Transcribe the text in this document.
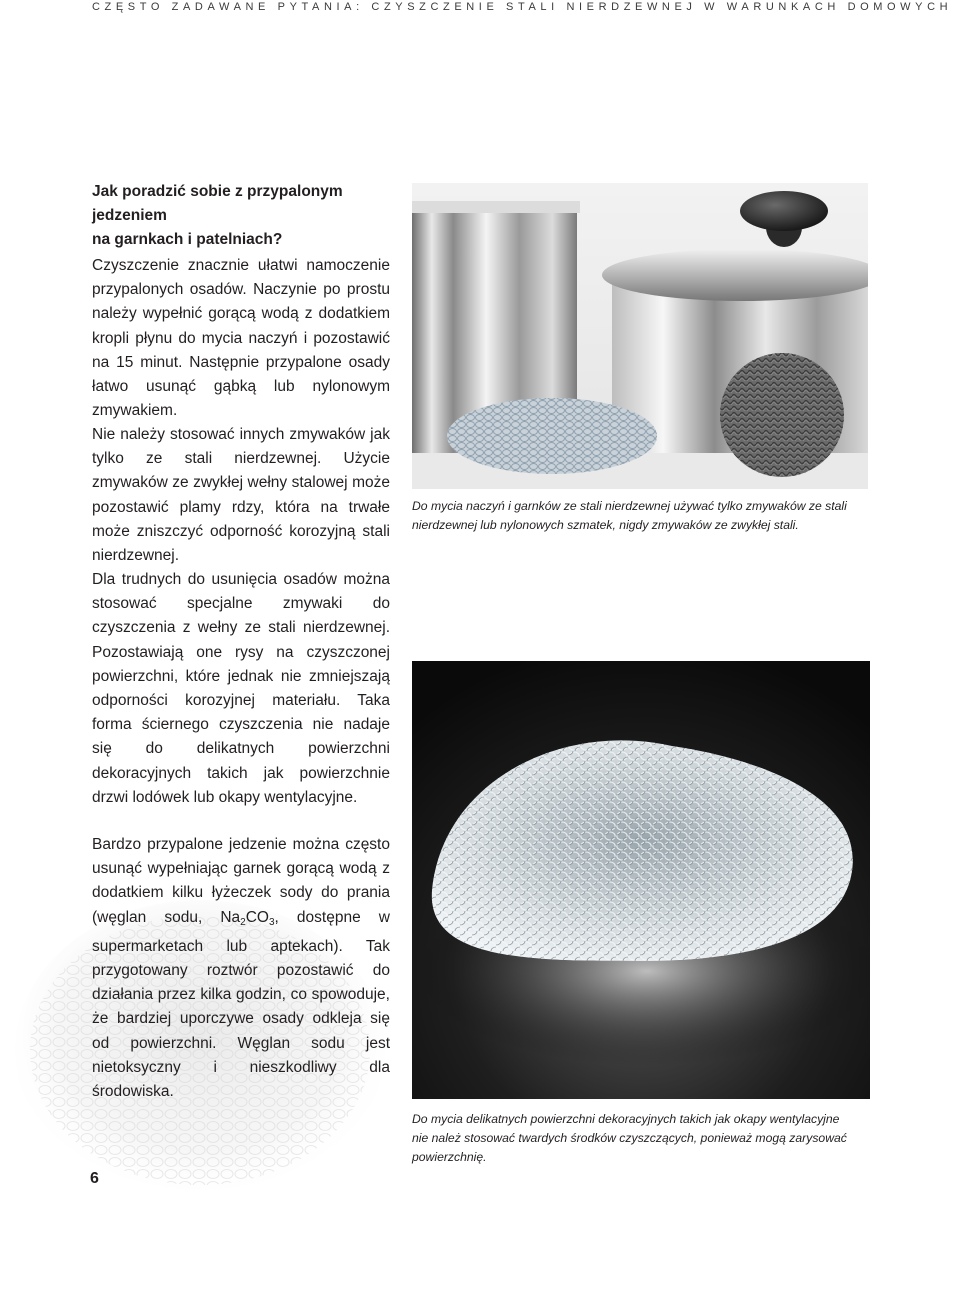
CZĘSTO ZADAWANE PYTANIA: CZYSZCZENIE STALI NIERDZEWNEJ W WARUNKACH DOMOWYCH
Jak poradzić sobie z przypalonym jedzeniem
na garnkach i patelniach?

Czyszczenie znacznie ułatwi namoczenie przypalonych osadów. Naczynie po prostu należy wypełnić gorącą wodą z dodatkiem kropli płynu do mycia naczyń i pozostawić na 15 minut. Następnie przypalone osady łatwo usunąć gąbką lub nylonowym zmywakiem.

Nie należy stosować innych zmywaków jak tylko ze stali nierdzewnej. Użycie zmywaków ze zwykłej wełny stalowej może pozostawić plamy rdzy, która na trwałe może zniszczyć odporność korozyjną stali nierdzewnej.

Dla trudnych do usunięcia osadów można stosować specjalne zmywaki do czyszczenia z wełny ze stali nierdzewnej. Pozostawiają one rysy na czyszczonej powierzchni, które jednak nie zmniejszają odporności korozyjnej materiału. Taka forma ściernego czyszczenia nie nadaje się do delikatnych powierzchni dekoracyjnych takich jak powierzchnie drzwi lodówek lub okapy wentylacyjne.

Bardzo przypalone jedzenie można często usunąć wypełniając garnek gorącą wodą z dodatkiem kilku łyżeczek sody do prania (węglan sodu, $Na_2CO_3$, dostępne w supermarketach lub aptekach). Tak przygotowany roztwór pozostawić do działania przez kilka godzin, co spowoduje, że bardziej uporczywe osady odkleja się od powierzchni. Węglan sodu jest nietoksyczny i nieszkodliwy dla środowiska.

Do mycia naczyń i garnków ze stali nierdzewnej używać tylko zmywaków ze stali nierdzewnej lub nylonowych szmatek, nigdy zmywaków ze zwykłej stali.
Do mycia delikatnych powierzchni dekoracyjnych takich jak okapy wentylacyjne nie należ stosować twardych środków czyszczących, ponieważ mogą zarysować powierzchnię.
6
